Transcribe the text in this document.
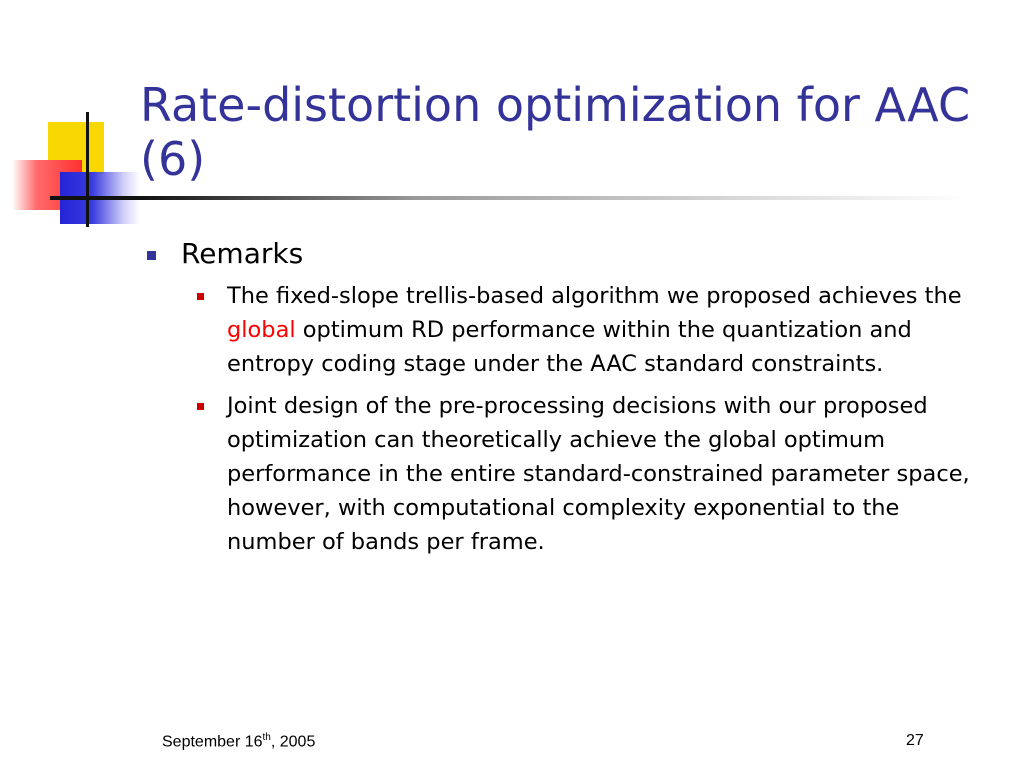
Rate-distortion optimization for AAC (6)
Remarks
The fixed-slope trellis-based algorithm we proposed achieves the global optimum RD performance within the quantization and entropy coding stage under the AAC standard constraints.
Joint design of the pre-processing decisions with our proposed optimization can theoretically achieve the global optimum performance in the entire standard-constrained parameter space, however, with computational complexity exponential to the number of bands per frame.
September 16th, 2005	27
